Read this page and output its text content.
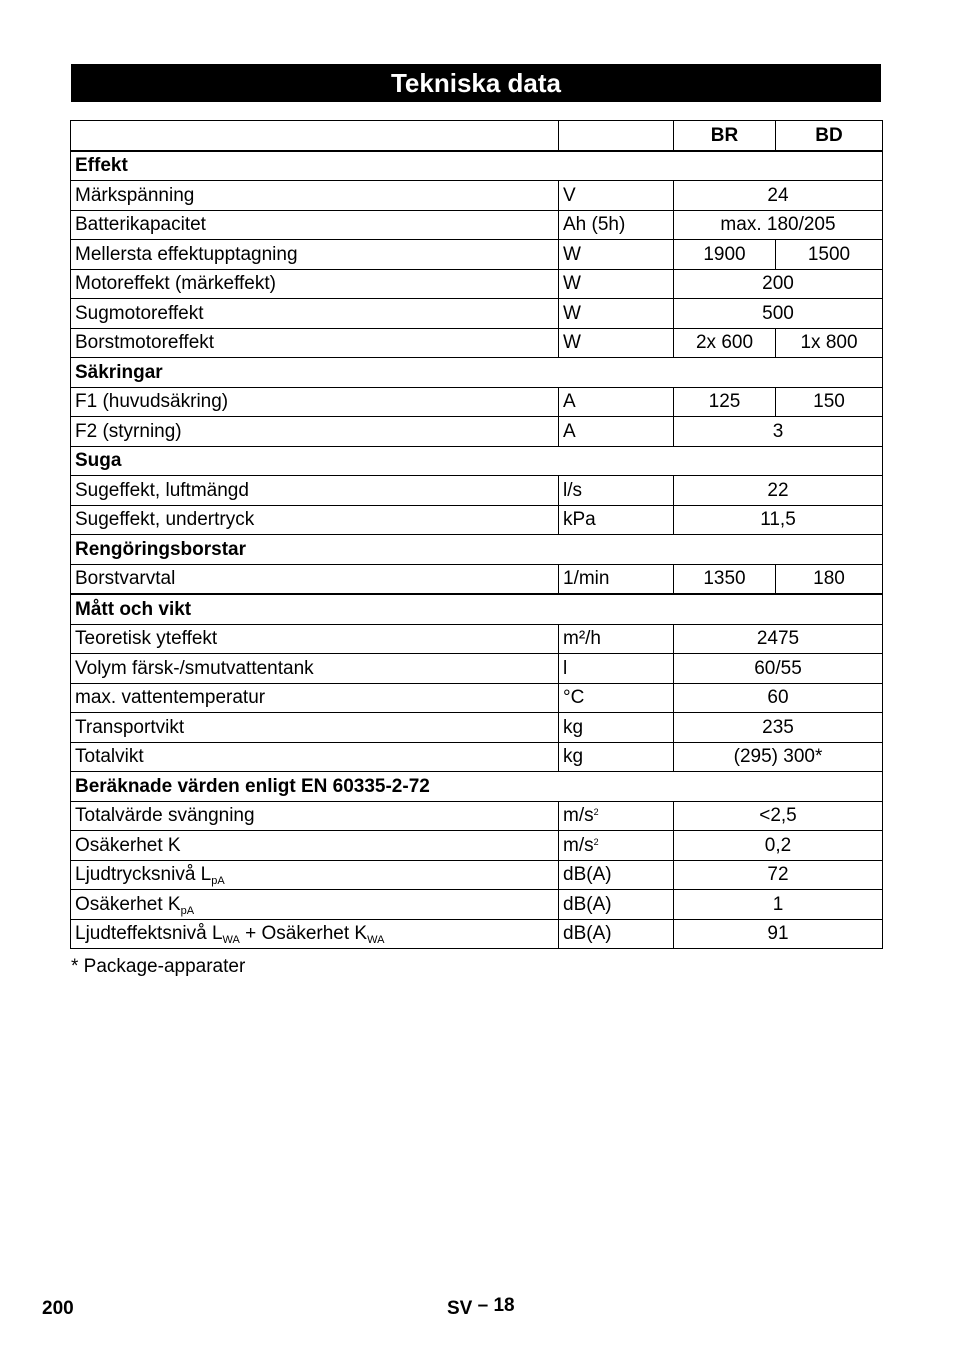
Tekniska data
		BR	BD
Effekt			
Märkspänning	V	24	
Batterikapacitet	Ah (5h)	max. 180/205	
Mellersta effektupptagning	W	1900	1500
Motoreffekt (märkeffekt)	W	200	
Sugmotoreffekt	W	500	
Borstmotoreffekt	W	2x 600	1x 800
Säkringar			
F1 (huvudsäkring)	A	125	150
F2 (styrning)	A	3	
Suga			
Sugeffekt, luftmängd	l/s	22	
Sugeffekt, undertryck	kPa	11,5	
Rengöringsborstar			
Borstvarvtal	1/min	1350	180
Mått och vikt			
Teoretisk yteffekt	m²/h	2475	
Volym färsk-/smutvattentank	l	60/55	
max. vattentemperatur	°C	60	
Transportvikt	kg	235	
Totalvikt	kg	(295) 300*	
Beräknade värden enligt EN 60335-2-72			
Totalvärde svängning	$m/s^2$	<2,5	
Osäkerhet K	$m/s^2$	0,2	
Ljudtrycksnivå $L_{pA}$	dB(A)	72	
Osäkerhet $K_{pA}$	dB(A)	1	
Ljudteffektsnivå $L_{WA}$ + Osäkerhet $K_{WA}$	dB(A)	91	
* Package-apparater
200	SV – 18
